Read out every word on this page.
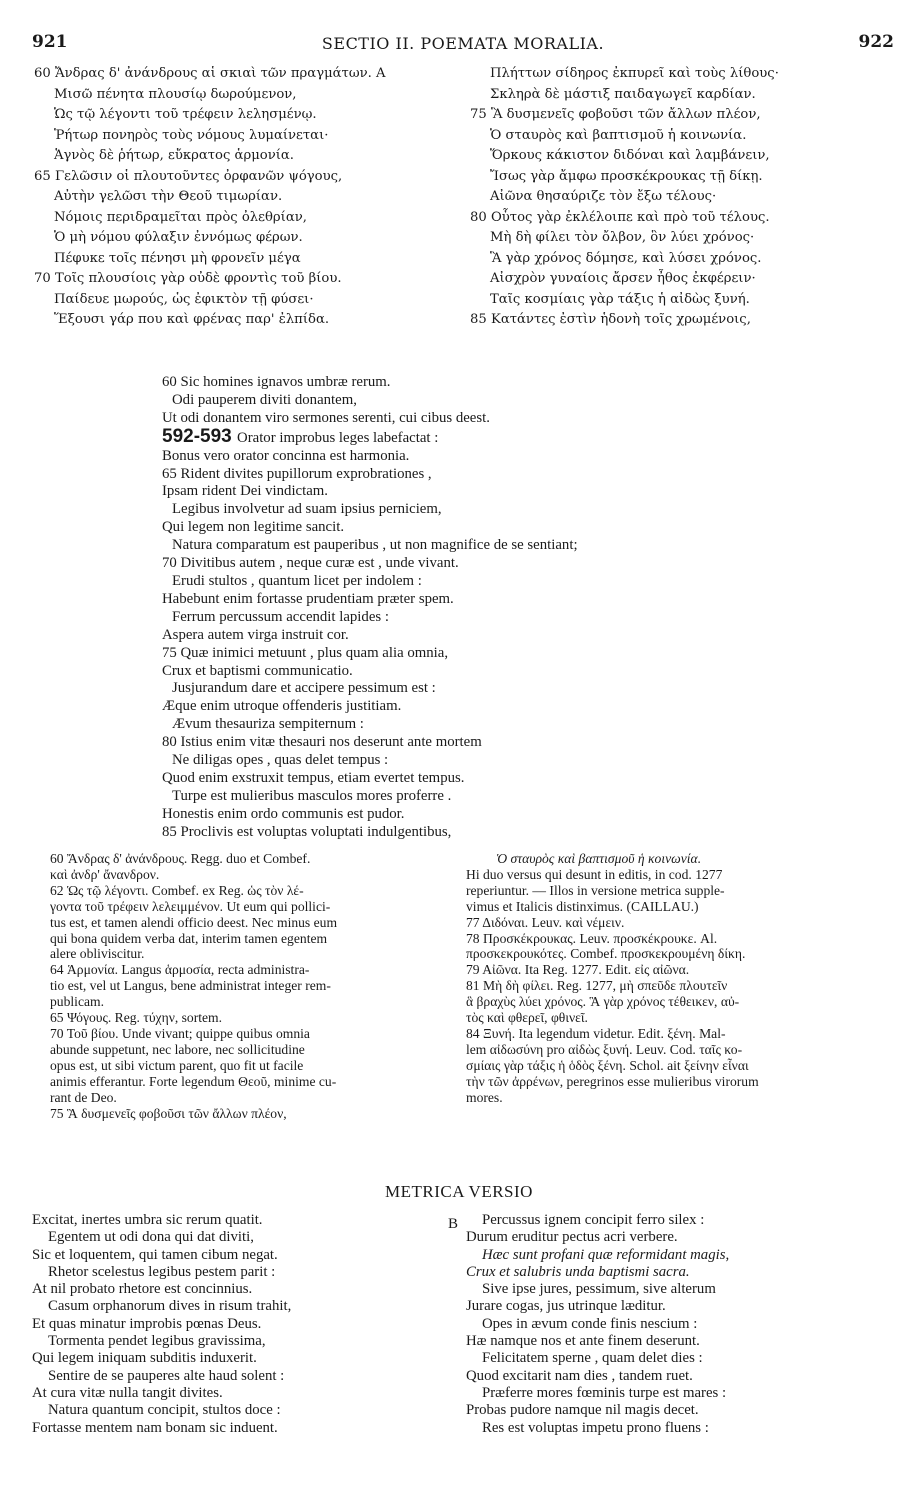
921	SECTIO II. POEMATA MORALIA.	922
60 Ἄνδρας δ' ἀνάνδρους αἱ σκιαὶ τῶν πραγμάτων. A
Μισῶ πένητα πλουσίῳ δωρούμενον,
Ὡς τῷ λέγοντι τοῦ τρέφειν λελησμένῳ.
Ῥήτωρ πονηρὸς τοὺς νόμους λυμαίνεται·
Ἁγνὸς δὲ ῥήτωρ, εὔκρατος ἁρμονία.
65 Γελῶσιν οἱ πλουτοῦντες ὀρφανῶν ψόγους,
Αὐτὴν γελῶσι τὴν Θεοῦ τιμωρίαν.
Νόμοις περιδραμεῖται πρὸς ὀλεθρίαν,
Ὁ μὴ νόμου φύλαξιν ἐννόμως φέρων.
Πέφυκε τοῖς πένησι μὴ φρονεῖν μέγα
70 Τοῖς πλουσίοις γὰρ οὐδὲ φροντὶς τοῦ βίου.
Παίδευε μωρούς, ὡς ἐφικτὸν τῇ φύσει·
Ἕξουσι γάρ που καὶ φρένας παρ' ἐλπίδα.
Πλήττων σίδηρος ἐκπυρεῖ καὶ τοὺς λίθους·
Σκληρὰ δὲ μάστιξ παιδαγωγεῖ καρδίαν.
75 Ἃ δυσμενεῖς φοβοῦσι τῶν ἄλλων πλέον,
Ὁ σταυρὸς καὶ βαπτισμοῦ ἡ κοινωνία.
Ὅρκους κάκιστον διδόναι καὶ λαμβάνειν,
Ἴσως γὰρ ἄμφω προσκέκρουκας τῇ δίκῃ.
Αἰῶνα θησαύριζε τὸν ἔξω τέλους·
80 Οὗτος γὰρ ἐκλέλοιπε καὶ πρὸ τοῦ τέλους.
Μὴ δὴ φίλει τὸν ὄλβον, ὃν λύει χρόνος·
Ἃ γὰρ χρόνος δόμησε, καὶ λύσει χρόνος.
Αἰσχρὸν γυναίοις ἄρσεν ἦθος ἐκφέρειν·
Ταῖς κοσμίαις γὰρ τάξις ἡ αἰδὼς ξυνή.
85 Κατάντες ἐστὶν ἡδονὴ τοῖς χρωμένοις,
60 Sic homines ignavos umbræ rerum.
Odi pauperem diviti donantem,
Ut odi donantem viro sermones serenti, cui cibus deest.
592-593 Orator improbus leges labefactat :
Bonus vero orator concinna est harmonia.
65 Rident divites pupillorum exprobrationes ,
Ipsam rident Dei vindictam.
Legibus involvetur ad suam ipsius perniciem,
Qui legem non legitime sancit.
Natura comparatum est pauperibus , ut non magnifice de se sentiant;
70 Divitibus autem , neque curæ est , unde vivant.
Erudi stultos , quantum licet per indolem :
Habebunt enim fortasse prudentiam præter spem.
Ferrum percussum accendit lapides :
Aspera autem virga instruit cor.
75 Quæ inimici metuunt , plus quam alia omnia,
Crux et baptismi communicatio.
Jusjurandum dare et accipere pessimum est :
Æque enim utroque offenderis justitiam.
Ævum thesauriza sempiternum :
80 Istius enim vitæ thesauri nos deserunt ante mortem
Ne diligas opes , quas delet tempus :
Quod enim exstruxit tempus, etiam evertet tempus.
Turpe est mulieribus masculos mores proferre .
Honestis enim ordo communis est pudor.
85 Proclivis est voluptas voluptati indulgentibus,
60 Ἄνδρας δ' ἀνάνδρους. Regg. duo et Combef.
καὶ ἀνδρ' ἄνανδρον.
62 Ὡς τῷ λέγοντι. Combef. ex Reg. ὡς τὸν λέ-
γοντα τοῦ τρέφειν λελειμμένον. Ut eum qui pollici-
tus est, et tamen alendi officio deest. Nec minus eum
qui bona quidem verba dat, interim tamen egentem
alere obliviscitur.
64 Ἁρμονία. Langus ἁρμοσία, recta administra-
tio est, vel ut Langus, bene administrat integer rem-
publicam.
65 Ψόγους. Reg. τύχην, sortem.
70 Τοῦ βίου. Unde vivant; quippe quibus omnia
abunde suppetunt, nec labore, nec sollicitudine
opus est, ut sibi victum parent, quo fit ut facile
animis efferantur. Forte legendum Θεοῦ, minime cu-
rant de Deo.
75 Ἃ δυσμενεῖς φοβοῦσι τῶν ἄλλων πλέον,
Ὁ σταυρὸς καὶ βαπτισμοῦ ἡ κοινωνία.
Hi duo versus qui desunt in editis, in cod. 1277
reperiuntur. — Illos in versione metrica supple-
vimus et Italicis distinximus. (CAILLAU.)
77 Διδόναι. Leuv. καὶ νέμειν.
78 Προσκέκρουκας. Leuv. προσκέκρουκε. Al.
προσκεκρουκότες. Combef. προσκεκρουμένη δίκη.
79 Αἰῶνα. Ita Reg. 1277. Edit. εἰς αἰῶνα.
81 Μὴ δὴ φίλει. Reg. 1277, μὴ σπεῦδε πλουτεῖν
ἃ βραχὺς λύει χρόνος. Ἃ γὰρ χρόνος τέθεικεν, αὐ-
τὸς καὶ φθερεῖ, φθινεῖ.
84 Ξυνή. Ita legendum videtur. Edit. ξένη. Mal-
lem αἰδωσύνη pro αἰδὼς ξυνή. Leuv. Cod. ταῖς κο-
σμίαις γὰρ τάξις ἡ ὁδὸς ξένη. Schol. ait ξείνην εἶναι
τὴν τῶν ἀρρένων, peregrinos esse mulieribus virorum
mores.
METRICA VERSIO
B
Excitat, inertes umbra sic rerum quatit.
Egentem ut odi dona qui dat diviti,
Sic et loquentem, qui tamen cibum negat.
Rhetor scelestus legibus pestem parit :
At nil probato rhetore est concinnius.
Casum orphanorum dives in risum trahit,
Et quas minatur improbis pœnas Deus.
Tormenta pendet legibus gravissima,
Qui legem iniquam subditis induxerit.
Sentire de se pauperes alte haud solent :
At cura vitæ nulla tangit divites.
Natura quantum concipit, stultos doce :
Fortasse mentem nam bonam sic induent.
Percussus ignem concipit ferro silex :
Durum eruditur pectus acri verbere.
Hæc sunt profani quæ reformidant magis,
Crux et salubris unda baptismi sacra.
Sive ipse jures, pessimum, sive alterum
Jurare cogas, jus utrinque læditur.
Opes in ævum conde finis nescium :
Hæ namque nos et ante finem deserunt.
Felicitatem sperne , quam delet dies :
Quod excitarit nam dies , tandem ruet.
Præferre mores fœminis turpe est mares :
Probas pudore namque nil magis decet.
Res est voluptas impetu prono fluens :
